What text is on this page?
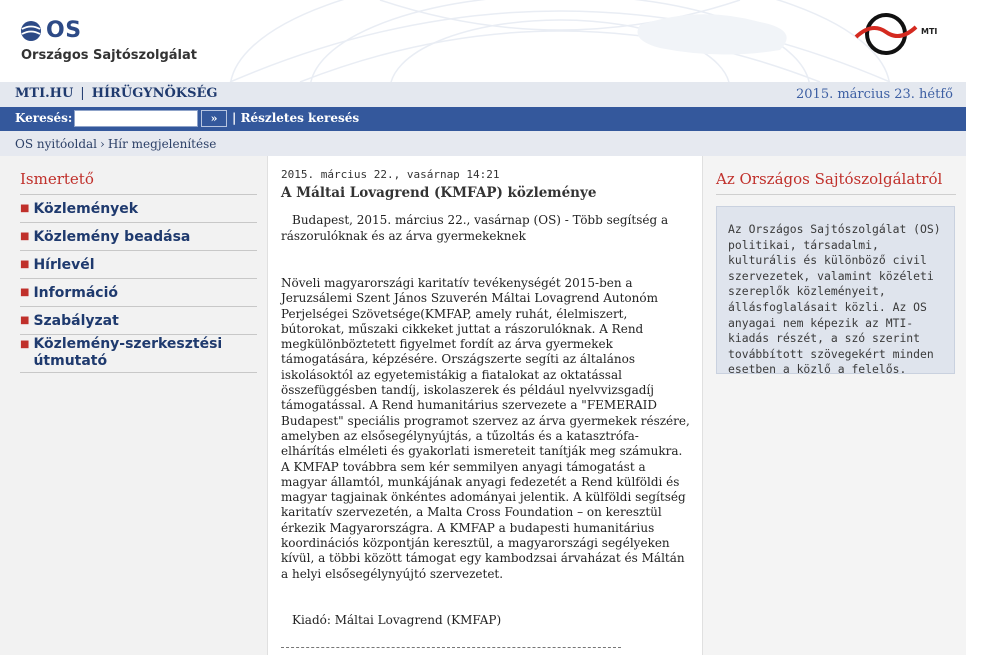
OS
Országos Sajtószolgálat
MTI
MTI.HU | HÍRÜGYNÖKSÉG	2015. március 23. hétfő
Keresés:	»	| Részletes keresés
OS nyitóoldal › Hír megjelenítése
Ismertető
■ Közlemények
■ Közlemény beadása
■ Hírlevél
■ Információ
■ Szabályzat
■ Közlemény-szerkesztési útmutató
2015. március 22., vasárnap 14:21
A Máltai Lovagrend (KMFAP) közleménye
Budapest, 2015. március 22., vasárnap (OS) - Több segítség a rászorulóknak és az árva gyermekeknek
Növeli magyarországi karitatív tevékenységét 2015-ben a Jeruzsálemi Szent János Szuverén Máltai Lovagrend Autonóm Perjelségei Szövetsége(KMFAP, amely ruhát, élelmiszert, bútorokat, műszaki cikkeket juttat a rászorulóknak. A Rend megkülönböztetett figyelmet fordít az árva gyermekek támogatására, képzésére. Országszerte segíti az általános iskolásoktól az egyetemistákig a fiatalokat az oktatással összefüggésben tandíj, iskolaszerek és például nyelvvizsgadíj támogatással. A Rend humanitárius szervezete a "FEMERAID Budapest" speciális programot szervez az árva gyermekek részére, amelyben az elsősegélynyújtás, a tűzoltás és a katasztrófa-elhárítás elméleti és gyakorlati ismereteit tanítják meg számukra. A KMFAP továbbra sem kér semmilyen anyagi támogatást a magyar államtól, munkájának anyagi fedezetét a Rend külföldi és magyar tagjainak önkéntes adományai jelentik. A külföldi segítség karitatív szervezetén, a Malta Cross Foundation – on keresztül érkezik Magyarországra. A KMFAP a budapesti humanitárius koordinációs központján keresztül, a magyarországi segélyeken kívül, a többi között támogat egy kambodzsai árvaházat és Máltán a helyi elsősegélynyújtó szervezetet.
Kiadó: Máltai Lovagrend (KMFAP)
Az Országos Sajtószolgálatról
Az Országos Sajtószolgálat (OS) politikai, társadalmi, kulturális és különböző civil szervezetek, valamint közéleti szereplők közleményeit, állásfoglalásait közli. Az OS anyagai nem képezik az MTI-kiadás részét, a szó szerint továbbított szövegekért minden esetben a közlő a felelős.
